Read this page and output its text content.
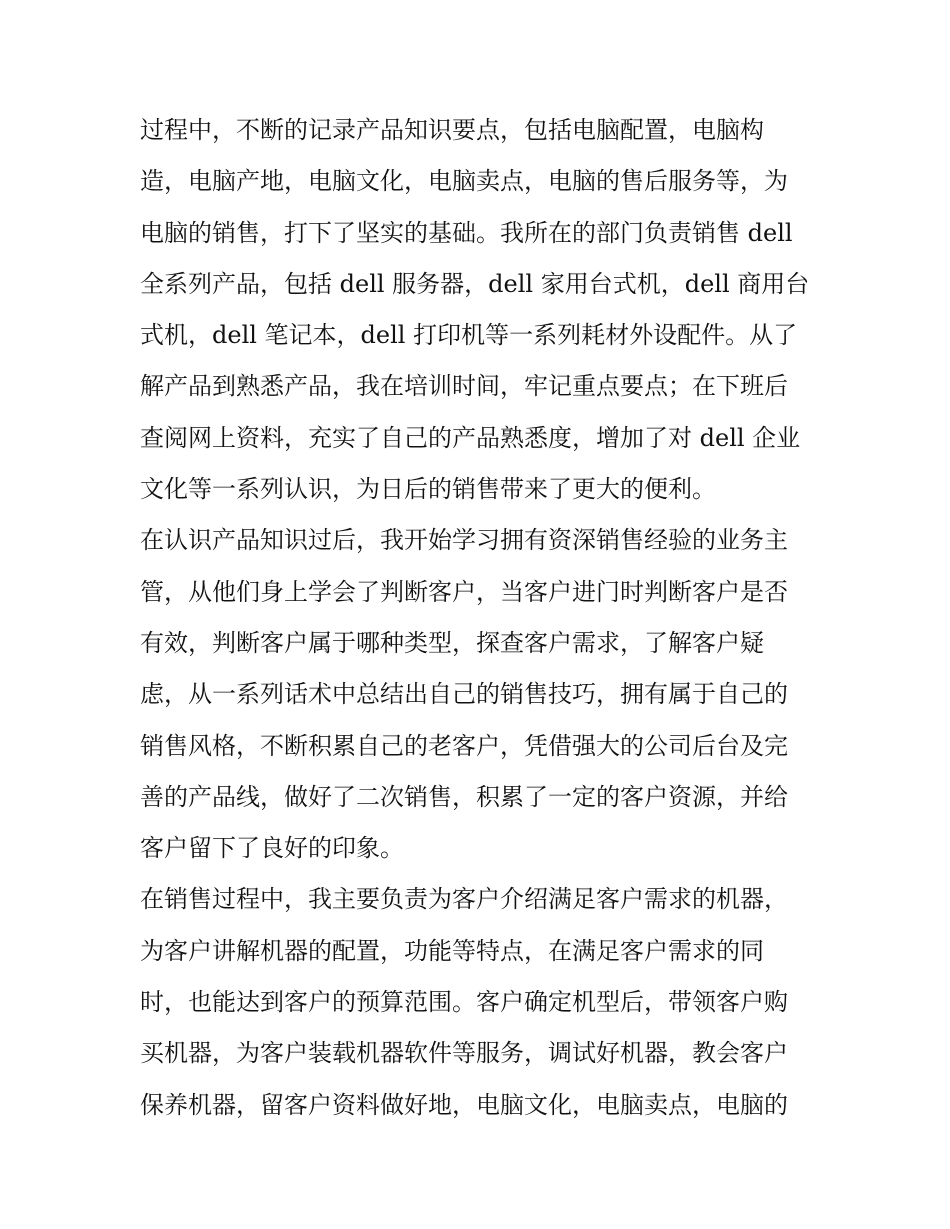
过程中，不断的记录产品知识要点，包括电脑配置，电脑构
造，电脑产地，电脑文化，电脑卖点，电脑的售后服务等，为
电脑的销售，打下了坚实的基础。我所在的部门负责销售 dell
全系列产品，包括 dell 服务器，dell 家用台式机，dell 商用台
式机，dell 笔记本，dell 打印机等一系列耗材外设配件。从了
解产品到熟悉产品，我在培训时间，牢记重点要点；在下班后
查阅网上资料，充实了自己的产品熟悉度，增加了对 dell 企业
文化等一系列认识，为日后的销售带来了更大的便利。
在认识产品知识过后，我开始学习拥有资深销售经验的业务主
管，从他们身上学会了判断客户，当客户进门时判断客户是否
有效，判断客户属于哪种类型，探查客户需求，了解客户疑
虑，从一系列话术中总结出自己的销售技巧，拥有属于自己的
销售风格，不断积累自己的老客户，凭借强大的公司后台及完
善的产品线，做好了二次销售，积累了一定的客户资源，并给
客户留下了良好的印象。
在销售过程中，我主要负责为客户介绍满足客户需求的机器，
为客户讲解机器的配置，功能等特点，在满足客户需求的同
时，也能达到客户的预算范围。客户确定机型后，带领客户购
买机器，为客户装载机器软件等服务，调试好机器，教会客户
保养机器，留客户资料做好地，电脑文化，电脑卖点，电脑的
